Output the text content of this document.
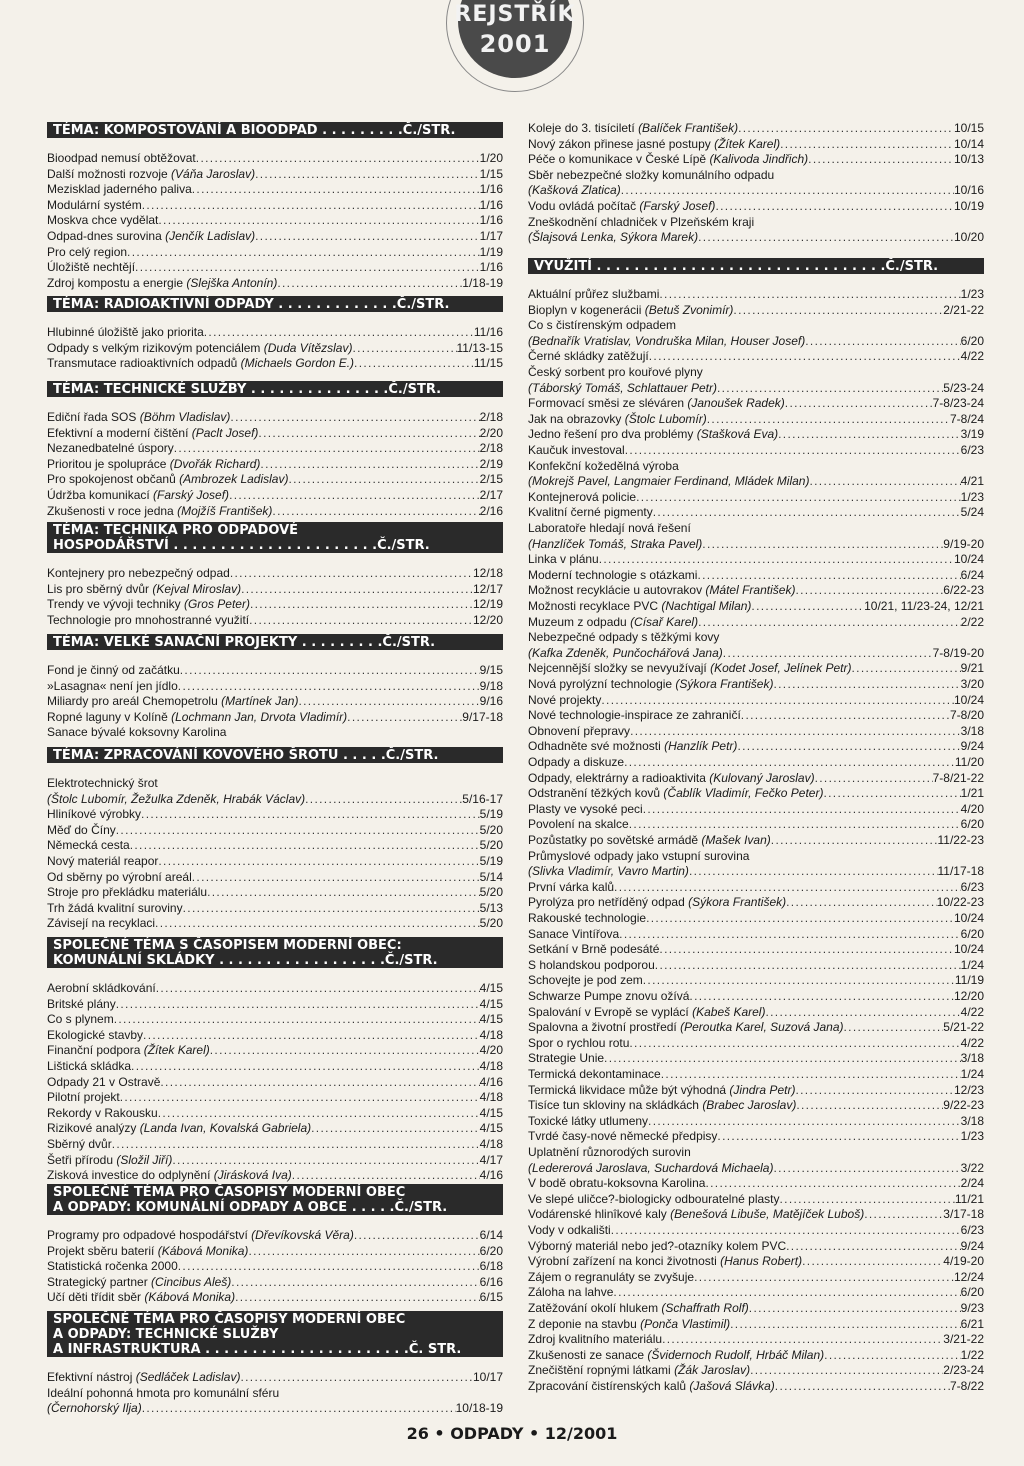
REJSTŘÍK
2001
TÉMA: KOMPOSTOVÁNÍ A BIOODPAD . . . . . . . . .Č./STR.
Bioodpad nemusí obtěžovat . . .	1/20
Další možnosti rozvoje (Váňa Jaroslav) . . .	1/15
Mezisklad jaderného paliva . . .	1/16
Modulární systém . . .	1/16
Moskva chce vydělat . . .	1/16
Odpad-dnes surovina (Jenčík Ladislav) . . .	1/17
Pro celý region . . .	1/19
Úložiště nechtějí . . .	1/16
Zdroj kompostu a energie (Slejška Antonín) . . .	1/18-19
TÉMA: RADIOAKTIVNÍ ODPADY . . . . . . . . . . . . .Č./STR.
Hlubinné úložiště jako priorita . . .	11/16
Odpady s velkým rizikovým potenciálem (Duda Vítězslav) . . .	11/13-15
Transmutace radioaktivních odpadů (Michaels Gordon E.) . . .	11/15
TÉMA: TECHNICKÉ SLUŽBY . . . . . . . . . . . . . . .Č./STR.
Ediční řada SOS (Böhm Vladislav) . . .	2/18
Efektivní a moderní čištění (Paclt Josef) . . .	2/20
Nezanedbatelné úspory . . .	2/18
Prioritou je spolupráce (Dvořák Richard) . . .	2/19
Pro spokojenost občanů (Ambrozek Ladislav) . . .	2/15
Údržba komunikací (Farský Josef) . . .	2/17
Zkušenosti v roce jedna (Mojžíš František) . . .	2/16
TÉMA: TECHNIKA PRO ODPADOVÉ
HOSPODÁŘSTVÍ . . . . . . . . . . . . . . . . . . . . . .Č./STR.
Kontejnery pro nebezpečný odpad . . .	12/18
Lis pro sběrný dvůr (Kejval Miroslav) . . .	12/17
Trendy ve vývoji techniky (Gros Peter) . . .	12/19
Technologie pro mnohostranné využití . . .	12/20
TÉMA: VELKÉ SANAČNÍ PROJEKTY . . . . . . . . .Č./STR.
Fond je činný od začátku . . .	9/15
»Lasagna« není jen jídlo . . .	9/18
Miliardy pro areál Chemopetrolu (Martínek Jan) . . .	9/16
Ropné laguny v Kolíně (Lochmann Jan, Drvota Vladimír) . . .	9/17-18
Sanace bývalé koksovny Karolina
TÉMA: ZPRACOVÁNÍ KOVOVÉHO ŠROTU . . . . .Č./STR.
Elektrotechnický šrot
(Štolc Lubomír, Žežulka Zdeněk, Hrabák Václav) . . .	5/16-17
Hliníkové výrobky . . .	5/19
Měď do Číny . . .	5/20
Německá cesta . . .	5/20
Nový materiál reapor . . .	5/19
Od sběrny po výrobní areál . . .	5/14
Stroje pro překládku materiálu . . .	5/20
Trh žádá kvalitní suroviny . . .	5/13
Závisejí na recyklaci . . .	5/20
SPOLEČNÉ TÉMA S ČASOPISEM MODERNÍ OBEC:
KOMUNÁLNÍ SKLÁDKY . . . . . . . . . . . . . . . . . .Č./STR.
Aerobní skládkování . . .	4/15
Britské plány . . .	4/15
Co s plynem . . .	4/15
Ekologické stavby . . .	4/18
Finanční podpora (Žítek Karel) . . .	4/20
Lištická skládka . . .	4/18
Odpady 21 v Ostravě . . .	4/16
Pilotní projekt . . .	4/18
Rekordy v Rakousku . . .	4/15
Rizikové analýzy (Landa Ivan, Kovalská Gabriela) . . .	4/15
Sběrný dvůr . . .	4/18
Šetři přírodu (Složil Jiří) . . .	4/17
Zisková investice do odplynění (Jirásková Iva) . . .	4/16
SPOLEČNÉ TÉMA PRO ČASOPISY MODERNÍ OBEC
A ODPADY: KOMUNÁLNÍ ODPADY A OBCE . . . . .Č./STR.
Programy pro odpadové hospodářství (Dřevíkovská Věra) . . .	6/14
Projekt sběru baterií (Kábová Monika) . . .	6/20
Statistická ročenka 2000 . . .	6/18
Strategický partner (Cincibus Aleš) . . .	6/16
Učí děti třídit sběr (Kábová Monika) . . .	6/15
SPOLEČNÉ TÉMA PRO ČASOPISY MODERNÍ OBEC
A ODPADY: TECHNICKÉ SLUŽBY
A INFRASTRUKTURA . . . . . . . . . . . . . . . . . . . . . .Č. STR.
Efektivní nástroj (Sedláček Ladislav) . . .	10/17
Ideální pohonná hmota pro komunální sféru
(Černohorský Ilja) . . .	10/18-19
Koleje do 3. tisíciletí (Balíček František) . . .	10/15
Nový zákon přinese jasné postupy (Žítek Karel) . . .	10/14
Péče o komunikace v České Lípě (Kalivoda Jindřich) . . .	10/13
Sběr nebezpečné složky komunálního odpadu
(Kašková Zlatica) . . .	10/16
Vodu ovládá počítač (Farský Josef) . . .	10/19
Zneškodnění chladniček v Plzeňském kraji
(Šlajsová Lenka, Sýkora Marek) . . .	10/20
VYUŽITÍ . . . . . . . . . . . . . . . . . . . . . . . . . . . . . . .Č./STR.
Aktuální průřez službami . . .	1/23
Bioplyn v kogenerácii (Betuš Zvonimír) . . .	2/21-22
Co s čistírenským odpadem
(Bednařík Vratislav, Vondruška Milan, Houser Josef) . . .	6/20
Černé skládky zatěžují . . .	4/22
Český sorbent pro kouřové plyny
(Táborský Tomáš, Schlattauer Petr) . . .	5/23-24
Formovací směsi ze sléváren (Janoušek Radek) . . .	7-8/23-24
Jak na obrazovky (Štolc Lubomír) . . .	7-8/24
Jedno řešení pro dva problémy (Stašková Eva) . . .	3/19
Kaučuk investoval . . .	6/23
Konfekční kožedělná výroba
(Mokrejš Pavel, Langmaier Ferdinand, Mládek Milan) . . .	4/21
Kontejnerová policie . . .	1/23
Kvalitní černé pigmenty . . .	5/24
Laboratoře hledají nová řešení
(Hanzlíček Tomáš, Straka Pavel) . . .	9/19-20
Linka v plánu . . .	10/24
Moderní technologie s otázkami . . .	6/24
Možnost recyklácie u autovrakov (Mátel František) . . .	6/22-23
Možnosti recyklace PVC (Nachtigal Milan) . . .	10/21, 11/23-24, 12/21
Muzeum z odpadu (Císař Karel) . . .	2/22
Nebezpečné odpady s těžkými kovy
(Kafka Zdeněk, Punčochářová Jana) . . .	7-8/19-20
Nejcennější složky se nevyužívají (Kodet Josef, Jelínek Petr) . . .	9/21
Nová pyrolýzní technologie (Sýkora František) . . .	3/20
Nové projekty . . .	10/24
Nové technologie-inspirace ze zahraničí . . .	7-8/20
Obnovení přepravy . . .	3/18
Odhadněte své možnosti (Hanzlík Petr) . . .	9/24
Odpady a diskuze . . .	11/20
Odpady, elektrárny a radioaktivita (Kulovaný Jaroslav) . . .	7-8/21-22
Odstranění těžkých kovů (Čablík Vladimír, Fečko Peter) . . .	1/21
Plasty ve vysoké peci . . .	4/20
Povolení na skalce . . .	6/20
Pozůstatky po sovětské armádě (Mašek Ivan) . . .	11/22-23
Průmyslové odpady jako vstupní surovina
(Slivka Vladimír, Vavro Martin) . . .	11/17-18
První várka kalů . . .	6/23
Pyrolýza pro netříděný odpad (Sýkora František) . . .	10/22-23
Rakouské technologie . . .	10/24
Sanace Vintířova . . .	6/20
Setkání v Brně podesáté . . .	10/24
S holandskou podporou . . .	1/24
Schovejte je pod zem . . .	11/19
Schwarze Pumpe znovu ožívá . . .	12/20
Spalování v Evropě se vyplácí (Kabeš Karel) . . .	4/22
Spalovna a životní prostředí (Peroutka Karel, Suzová Jana) . . .	5/21-22
Spor o rychlou rotu . . .	4/22
Strategie Unie . . .	3/18
Termická dekontaminace . . .	1/24
Termická likvidace může být výhodná (Jindra Petr) . . .	12/23
Tisíce tun skloviny na skládkách (Brabec Jaroslav) . . .	9/22-23
Toxické látky utlumeny . . .	3/18
Tvrdé časy-nové německé předpisy . . .	1/23
Uplatnění různorodých surovin
(Ledererová Jaroslava, Suchardová Michaela) . . .	3/22
V bodě obratu-koksovna Karolina . . .	2/24
Ve slepé uličce?-biologicky odbouratelné plasty . . .	11/21
Vodárenské hlinîkové kaly (Benešová Libuše, Matějíček Luboš) . . .	3/17-18
Vody v odkališti . . .	6/23
Výborný materiál nebo jed?-otazníky kolem PVC . . .	9/24
Výrobní zařízení na konci životnosti (Hanus Robert) . . .	4/19-20
Zájem o regranuláty se zvyšuje . . .	12/24
Záloha na lahve . . .	6/20
Zatěžování okolí hlukem (Schaffrath Rolf) . . .	9/23
Z deponie na stavbu (Ponča Vlastimil) . . .	6/21
Zdroj kvalitního materiálu . . .	3/21-22
Zkušenosti ze sanace (Švidernoch Rudolf, Hrbáč Milan) . . .	1/22
Znečištění ropnými látkami (Žák Jaroslav) . . .	2/23-24
Zpracování čistírenských kalů (Jašová Slávka) . . .	7-8/22
26 • ODPADY • 12/2001
